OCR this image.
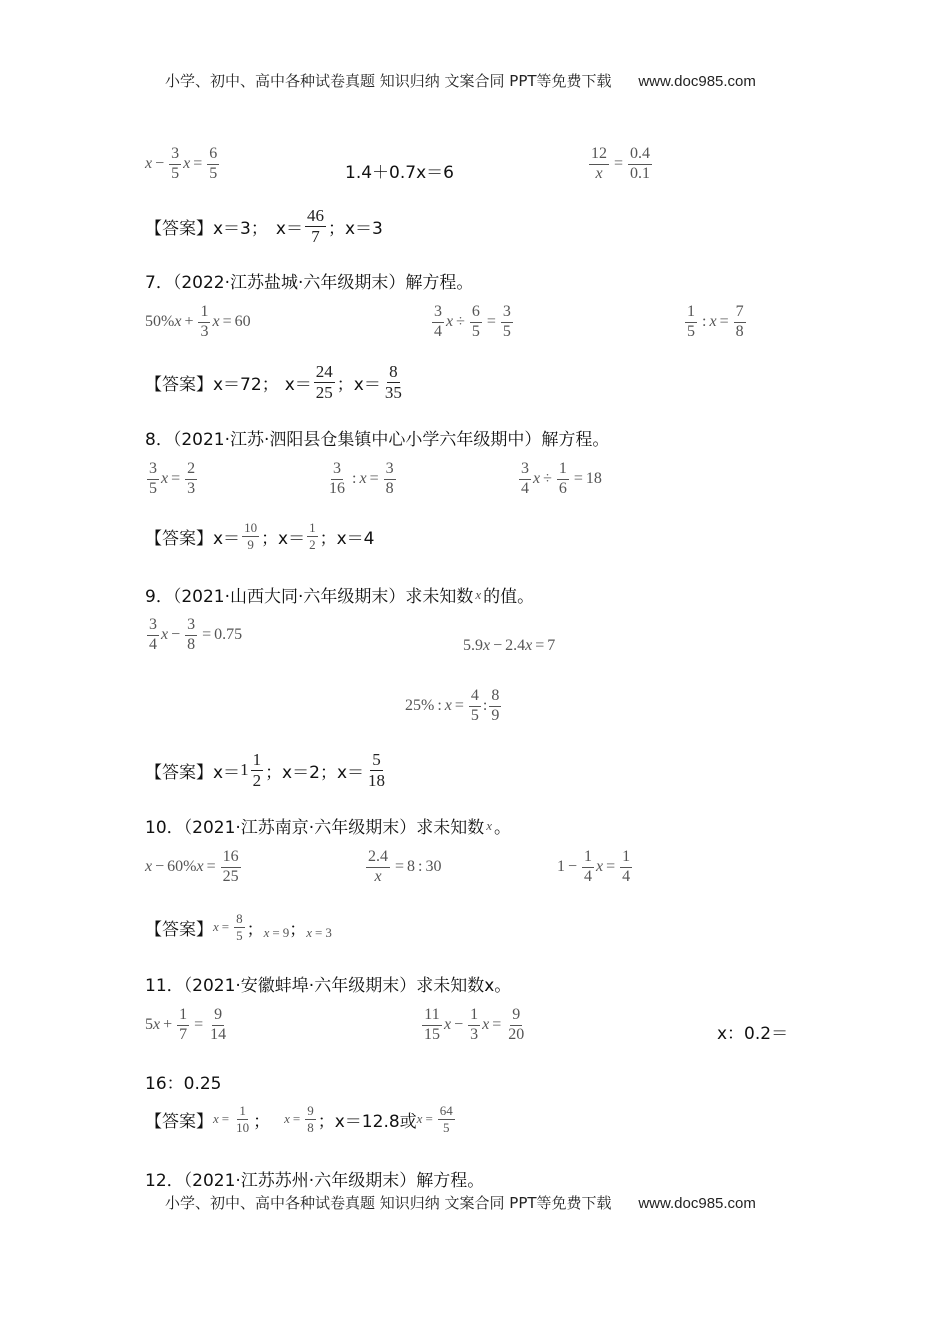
小学、初中、高中各种试卷真题 知识归纳 文案合同 PPT等免费下载 www.doc985.com
$x - \frac{3}{5}$ $x = \frac{6}{5}$	1.4＋0.7x＝6	$\frac{12}{x} = \frac{0.4}{0.1}$
【答案】 x＝3； $x= \frac{46}{7}$ ；x＝3
7．（2022·江苏盐城·六年级期末）解方程。
50 % $x + \frac{1}{3}$ x = 60	$\frac{3}{4}$ $x \div \frac{6}{5} = \frac{3}{5}$	$\frac{1}{5}$ : $x = \frac{7}{8}$
【答案】 x＝72； $x= \frac{24}{25}$ ；$x= \frac{8}{35}$
8．（2021·江苏·泗阳县仓集镇中心小学六年级期中）解方程。
$\frac{3}{5}$ $x = \frac{2}{3}$	$\frac{3}{16}$ : $x = \frac{3}{8}$	$\frac{3}{4}$ $x \div \frac{1}{6} = 18$
【答案】 $x= \frac{10}{9}$ ；$x= \frac{1}{2}$ ；x＝4
9．（2021·山西大同·六年级期末）求未知数 x 的值。
$\frac{3}{4}$ $x - \frac{3}{8} = 0.75$
5.9 x − 2.4 x = 7
25 % : $x = \frac{4}{5}$ : $\frac{8}{9}$
【答案】 $x= 1 \frac{1}{2}$ ；x＝2；$x= \frac{5}{18}$
10．（2021·江苏南京·六年级期末）求未知数 x 。
x − 60 % $x = \frac{16}{25}$	$\frac{2.4}{x} = 8$ : 30	$1 - \frac{1}{4}$ $x = \frac{1}{4}$
【答案】 $x = \frac{8}{5}$ ； x = 9 ； x = 3
11．（2021·安徽蚌埠·六年级期末）求未知数x。
5 $x + \frac{1}{7} = \frac{9}{14}$	$\frac{11}{15}$ $x - \frac{1}{3}$ $x = \frac{9}{20}$	x：0.2＝
16：0.25
【答案】 $x = \frac{1}{10}$ ； $x = \frac{9}{8}$ ； x＝12.8或 $x = \frac{64}{5}$
12．（2021·江苏苏州·六年级期末）解方程。
小学、初中、高中各种试卷真题 知识归纳 文案合同 PPT等免费下载 www.doc985.com
